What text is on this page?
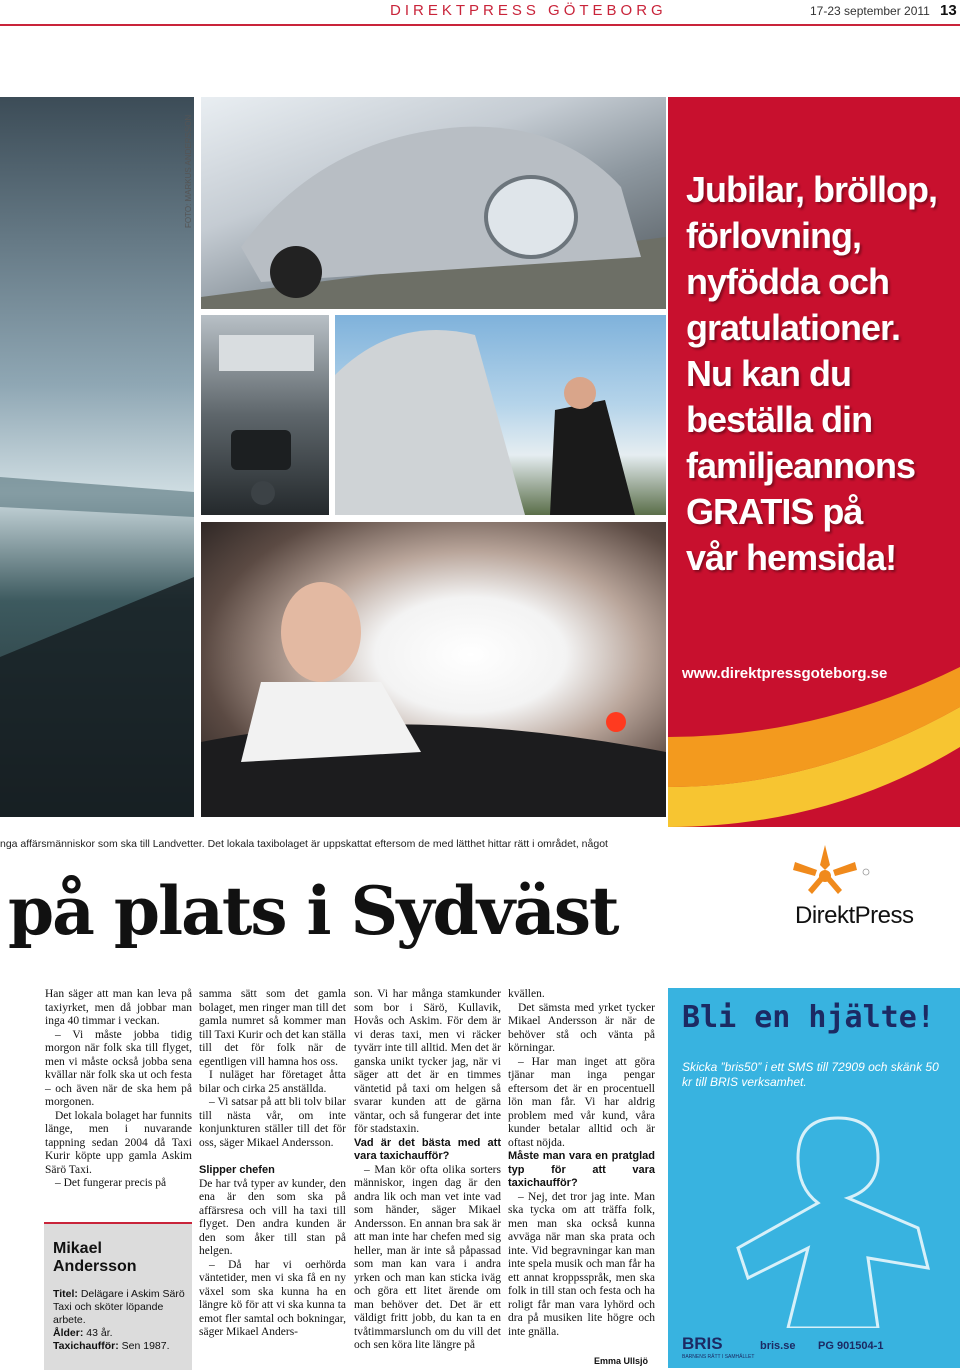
DIREKTPRESS GÖTEBORG	17-23 september 2011 13
FOTO: MARKUS ANDERSSON	Jubilar, bröllop,
förlovning,
nyfödda och
gratulationer.
Nu kan du
beställa din
familjeannons
GRATIS på
vår hemsida!
www.direktpressgoteborg.se
nga affärsmänniskor som ska till Landvetter. Det lokala taxibolaget är uppskattat eftersom de med lätthet hittar rätt i området, något
på plats i Sydväst	DirektPress

Han säger att man kan leva på taxiyrket, men då jobbar man inga 40 timmar i veckan.

– Vi måste jobba tidig morgon när folk ska till flyget, men vi måste också jobba sena kvällar när folk ska ut och festa – och även när de ska hem på morgonen.

Det lokala bolaget har funnits länge, men i nuvarande tappning sedan 2004 då Taxi Kurir köpte upp gamla Askim Särö Taxi.

– Det fungerar precis på

Mikael
Andersson
Titel: Delägare i Askim Särö Taxi och sköter löpande arbete.
Ålder: 43 år.
Taxichaufför: Sen 1987.

samma sätt som det gamla bolaget, men ringer man till det gamla numret så kommer man till Taxi Kurir och det kan ställa till det för folk när de egentligen vill hamna hos oss.

I nuläget har företaget åtta bilar och cirka 25 anställda.

– Vi satsar på att bli tolv bilar till nästa vår, om inte konjunkturen ställer till det för oss, säger Mikael Andersson.

Slipper chefen

De har två typer av kunder, den ena är den som ska på affärsresa och vill ha taxi till flyget. Den andra kunden är den som åker till stan på helgen.

– Då har vi oerhörda väntetider, men vi ska få en ny växel som ska kunna ha en längre kö för att vi ska kunna ta emot fler samtal och bokningar, säger Mikael Anders-

son. Vi har många stamkunder som bor i Särö, Kullavik, Hovås och Askim. För dem är vi deras taxi, men vi räcker tyvärr inte till alltid. Men det är ganska unikt tycker jag, när vi säger att det är en timmes väntetid på taxi om helgen så svarar kunden att de gärna väntar, och så fungerar det inte för stadstaxin.

Vad är det bästa med att vara taxichaufför?

– Man kör ofta olika sorters människor, ingen dag är den andra lik och man vet inte vad som händer, säger Mikael Andersson. En annan bra sak är att man inte har chefen med sig heller, man är inte så påpassad som man kan vara i andra yrken och man kan sticka iväg och göra ett litet ärende om man behöver det. Det är ett väldigt fritt jobb, du kan ta en tvåtimmarslunch om du vill det och sen köra lite längre på

kvällen.

Det sämsta med yrket tycker Mikael Andersson är när de behöver stå och vänta på körningar.

– Har man inget att göra tjänar man inga pengar eftersom det är en procentuell lön man får. Vi har aldrig problem med vår kund, våra kunder betalar alltid och är oftast nöjda.

Måste man vara en pratglad typ för att vara taxichaufför?

– Nej, det tror jag inte. Man ska tycka om att träffa folk, men man ska också kunna avväga när man ska prata och inte. Vid begravningar kan man inte spela musik och man får ha ett annat kroppsspråk, men ska folk in till stan och festa och ha roligt får man vara lyhörd och dra på musiken lite högre och inte gnälla.

Emma Ullsjö
Bli en hjälte!
Skicka ”bris50” i ett SMS till 72909 och skänk 50 kr till BRIS verksamhet.
BRIS
BARNENS RÄTT I SAMHÄLLET
bris.se PG 901504-1
